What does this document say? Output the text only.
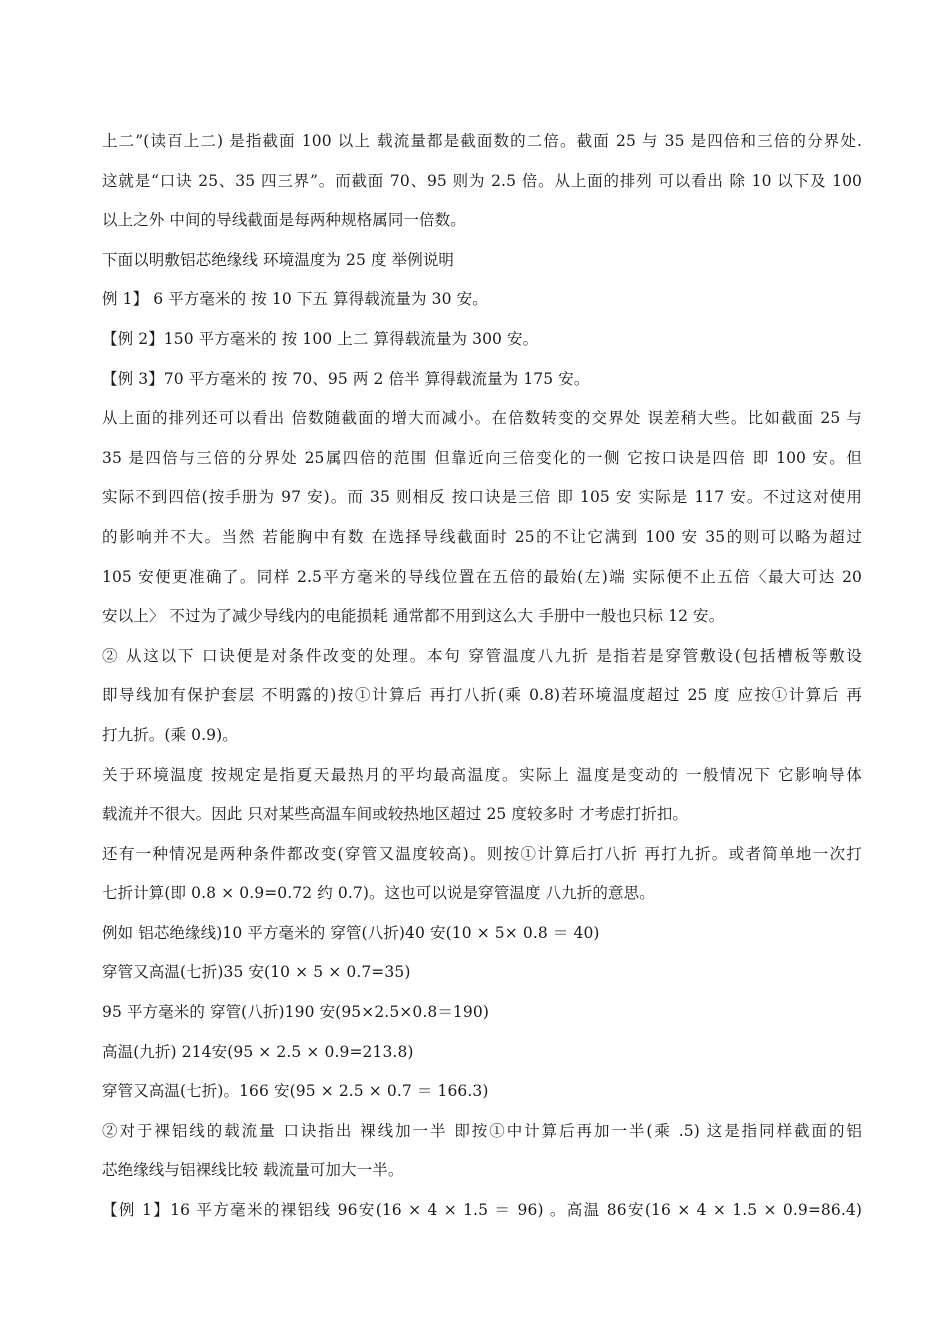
上二”(读百上二) 是指截面 100 以上 载流量都是截面数的二倍。截面 25 与 35 是四倍和三倍的分界处.

这就是“口诀 25、35 四三界”。而截面 70、95 则为 2.5 倍。从上面的排列 可以看出 除 10 以下及 100

以上之外 中间的导线截面是每两种规格属同一倍数。

下面以明敷铝芯绝缘线 环境温度为 25 度 举例说明

例 1】 6 平方毫米的 按 10 下五 算得载流量为 30 安。

【例 2】150 平方毫米的 按 100 上二 算得载流量为 300 安。

【例 3】70 平方毫米的 按 70、95 两 2 倍半 算得载流量为 175 安。

从上面的排列还可以看出 倍数随截面的增大而减小。在倍数转变的交界处 误差稍大些。比如截面 25 与

35 是四倍与三倍的分界处 25属四倍的范围 但靠近向三倍变化的一侧 它按口诀是四倍 即 100 安。但

实际不到四倍(按手册为 97 安)。而 35 则相反 按口诀是三倍 即 105 安 实际是 117 安。不过这对使用

的影响并不大。当然 若能胸中有数 在选择导线截面时 25的不让它满到 100 安 35的则可以略为超过

105 安便更准确了。同样 2.5平方毫米的导线位置在五倍的最始(左)端 实际便不止五倍〈最大可达 20

安以上〉 不过为了减少导线内的电能损耗 通常都不用到这么大 手册中一般也只标 12 安。

② 从这以下 口诀便是对条件改变的处理。本句 穿管温度八九折 是指若是穿管敷设(包括槽板等敷设

即导线加有保护套层 不明露的)按①计算后 再打八折(乘 0.8)若环境温度超过 25 度 应按①计算后 再

打九折。(乘 0.9)。

关于环境温度 按规定是指夏天最热月的平均最高温度。实际上 温度是变动的 一般情况下 它影响导体

载流并不很大。因此 只对某些高温车间或较热地区超过 25 度较多时 才考虑打折扣。

还有一种情况是两种条件都改变(穿管又温度较高)。则按①计算后打八折 再打九折。或者简单地一次打

七折计算(即 0.8 × 0.9=0.72 约 0.7)。这也可以说是穿管温度 八九折的意思。

例如 铝芯绝缘线)10 平方毫米的 穿管(八折)40 安(10 × 5× 0.8 ＝ 40)

穿管又高温(七折)35 安(10 × 5 × 0.7=35)

95 平方毫米的 穿管(八折)190 安(95×2.5×0.8＝190)

高温(九折) 214安(95 × 2.5 × 0.9=213.8)

穿管又高温(七折)。166 安(95 × 2.5 × 0.7 ＝ 166.3)

②对于裸铝线的载流量 口诀指出 裸线加一半 即按①中计算后再加一半(乘 .5) 这是指同样截面的铝

芯绝缘线与铝裸线比较 载流量可加大一半。

【例 1】16 平方毫米的裸铝线 96安(16 × 4 × 1.5 ＝ 96) 。高温 86安(16 × 4 × 1.5 × 0.9=86.4)
